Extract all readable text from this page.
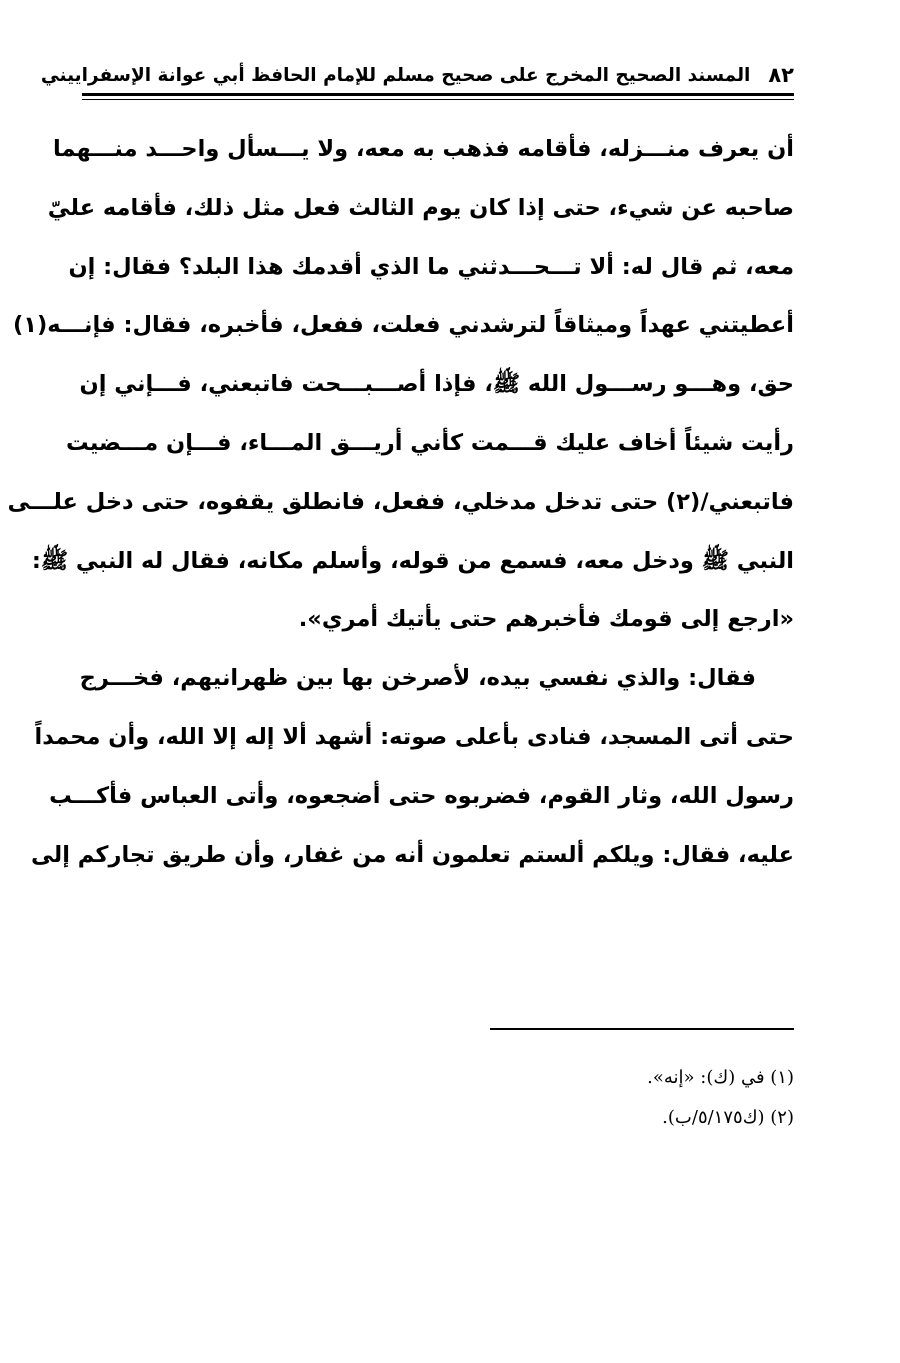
٨٢
المسند الصحيح المخرج على صحيح مسلم للإمام الحافظ أبي عوانة الإسفراييني
أن يعرف منـــزله، فأقامه فذهب به معه، ولا يـــسأل واحـــد منـــهما
صاحبه عن شيء، حتى إذا كان يوم الثالث فعل مثل ذلك، فأقامه عليّ
معه، ثم قال له: ألا تـــحـــدثني ما الذي أقدمك هذا البلد؟ فقال: إن
أعطيتني عهداً وميثاقاً لترشدني فعلت، ففعل، فأخبره، فقال: فإنـــه(١)
حق، وهـــو رســـول الله ﷺ، فإذا أصـــبـــحت فاتبعني، فـــإني إن
رأيت شيئاً أخاف عليك قـــمت كأني أريـــق المـــاء، فـــإن مـــضيت
فاتبعني/(٢) حتى تدخل مدخلي، ففعل، فانطلق يقفوه، حتى دخل علـــى
النبي ﷺ ودخل معه، فسمع من قوله، وأسلم مكانه، فقال له النبي ﷺ:
«ارجع إلى قومك فأخبرهم حتى يأتيك أمري».
فقال: والذي نفسي بيده، لأصرخن بها بين ظهرانيهم، فخـــرج
حتى أتى المسجد، فنادى بأعلى صوته: أشهد ألا إله إلا الله، وأن محمداً
رسول الله، وثار القوم، فضربوه حتى أضجعوه، وأتى العباس فأكـــب
عليه، فقال: ويلكم ألستم تعلمون أنه من غفار، وأن طريق تجاركم إلى
(١) في (ك): «إنه».
(٢) (ك٥/١٧٥/ب).
